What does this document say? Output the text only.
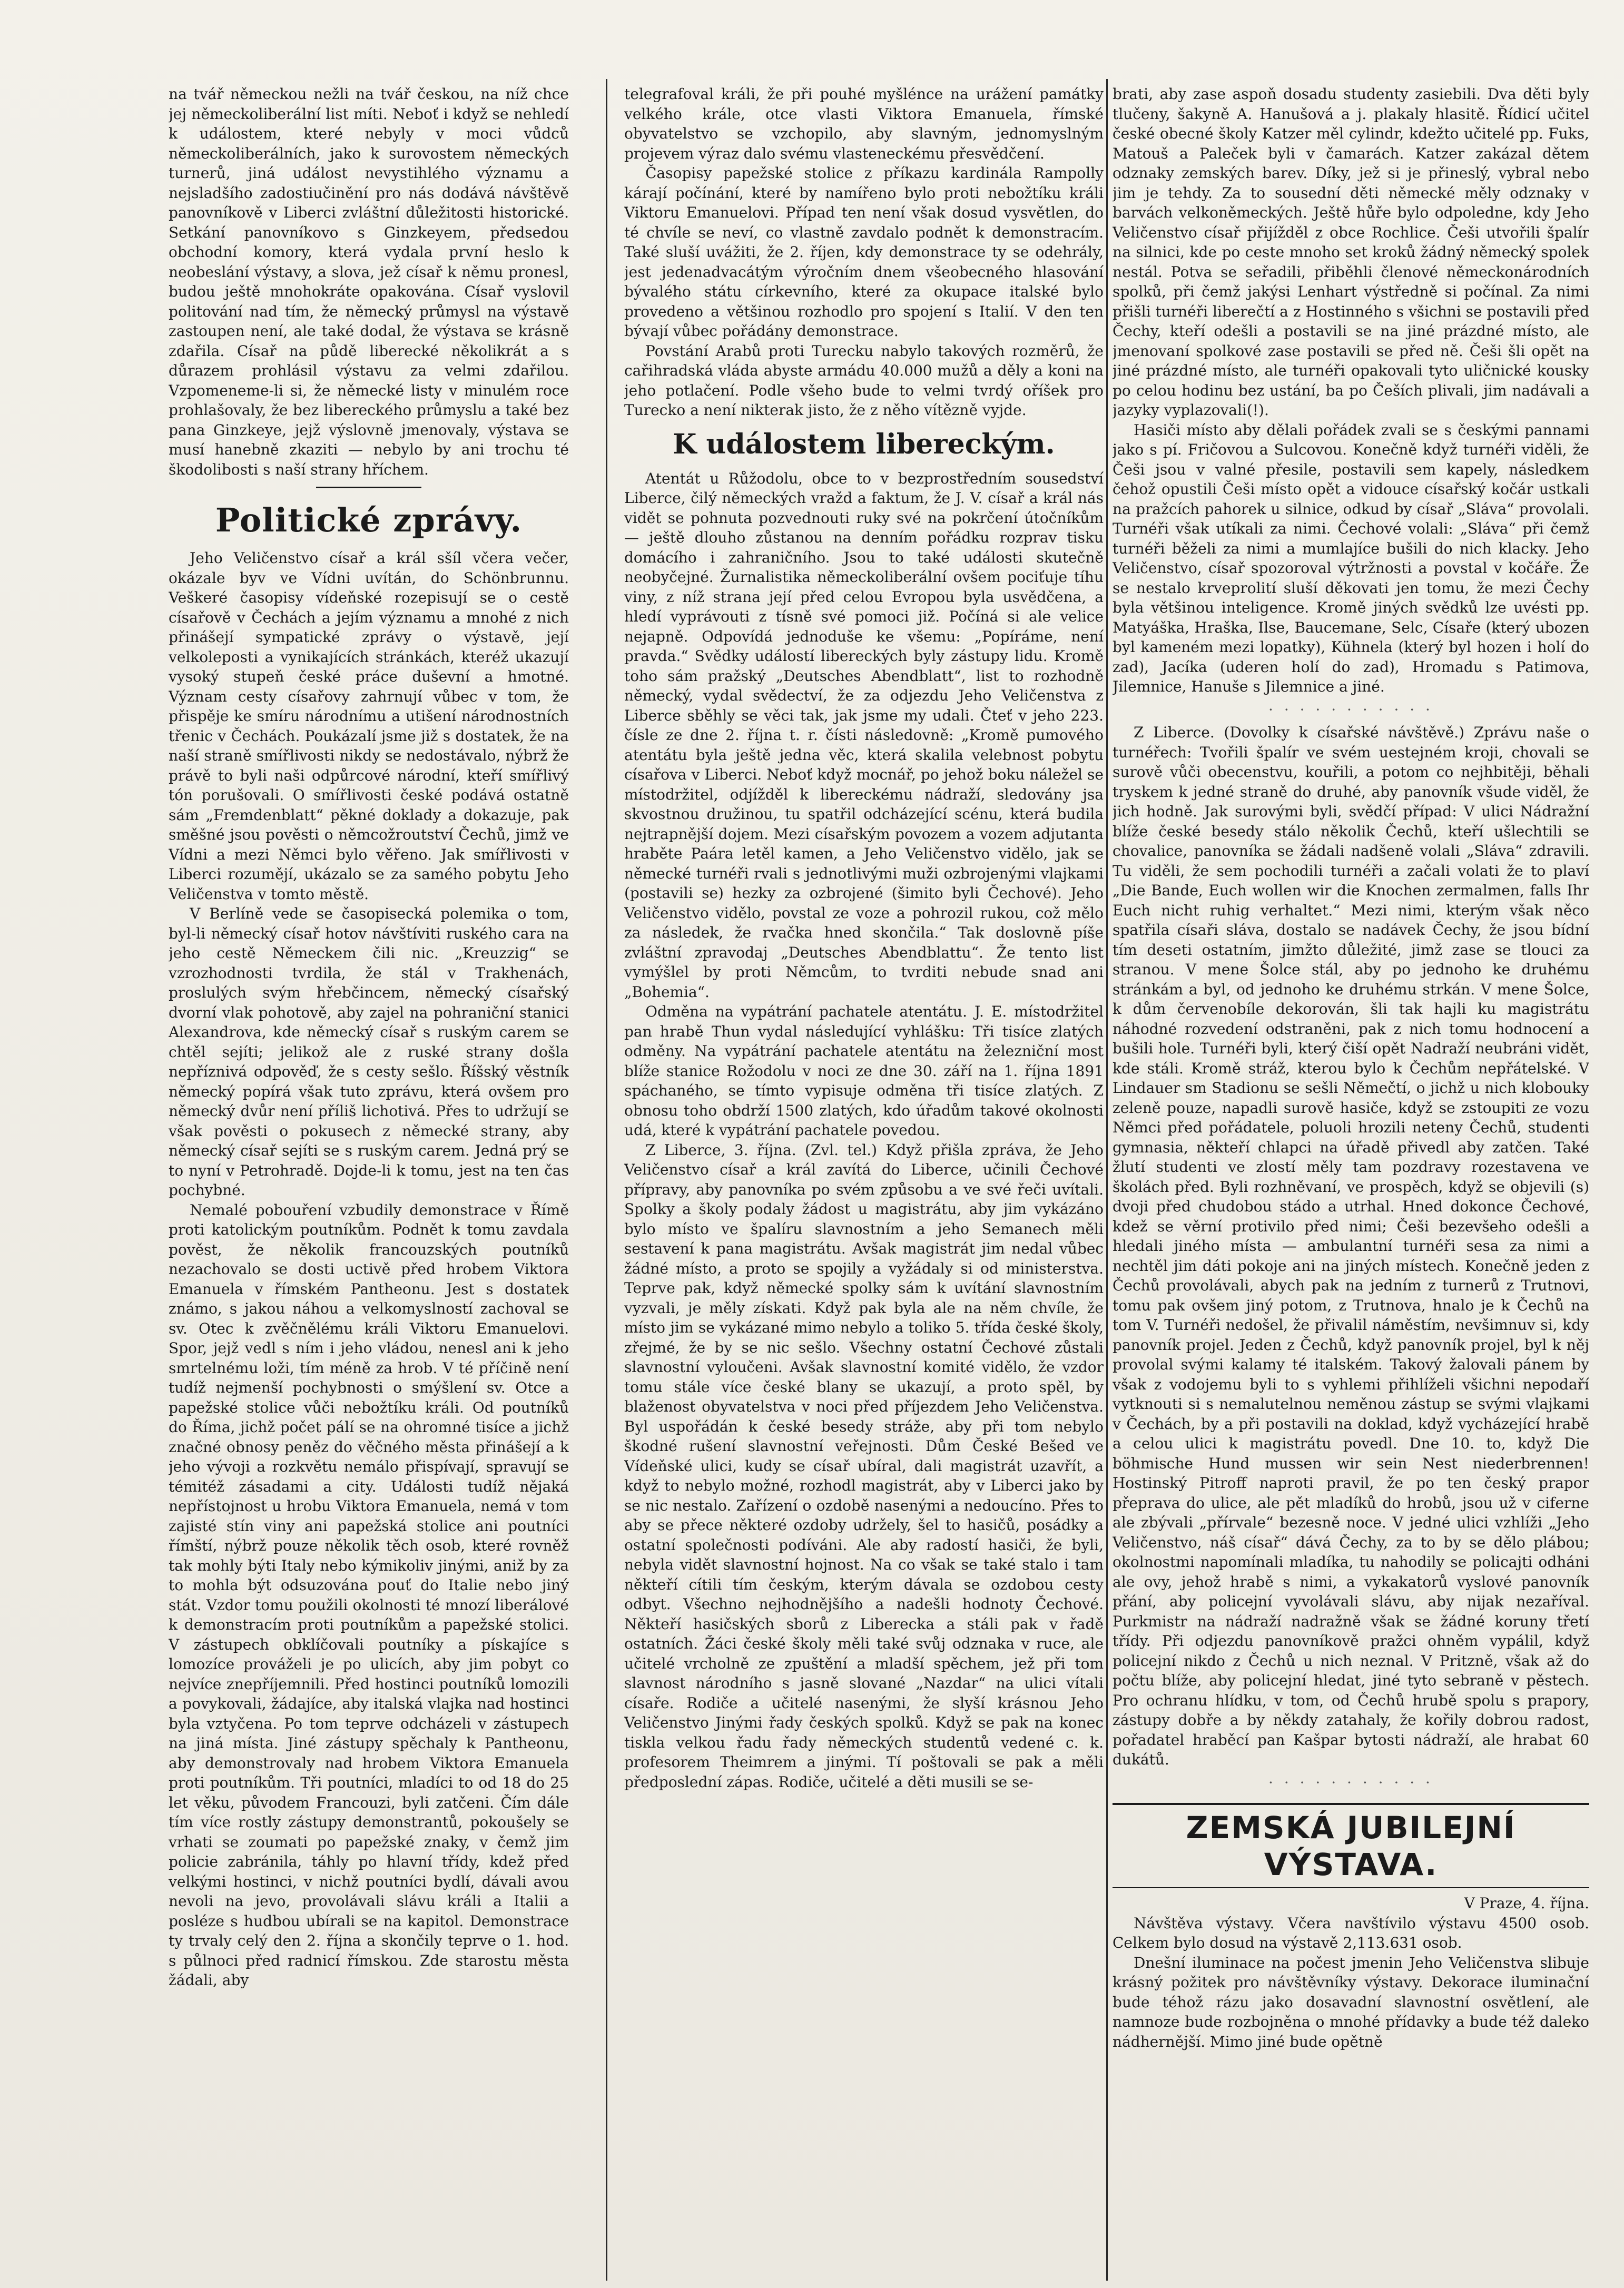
na tvář německou nežli na tvář českou, na níž chce jej německoliberální list míti. Neboť i když se nehledí k událostem, které nebyly v moci vůdců německoliberálních, jako k surovostem německých turnerů, jiná událost nevystihlého významu a nejsladšího zadostiučinění pro nás dodává návštěvě panovníkově v Liberci zvláštní důležitosti historické. Setkání panovníkovo s Ginzkeyem, předsedou obchodní komory, která vydala první heslo k neobeslání výstavy, a slova, jež císař k němu pronesl, budou ještě mnohokráte opakována. Císař vyslovil politování nad tím, že německý průmysl na výstavě zastoupen není, ale také dodal, že výstava se krásně zdařila. Císař na půdě liberecké několikrát a s důrazem prohlásil výstavu za velmi zdařilou. Vzpomeneme-li si, že německé listy v minulém roce prohlašovaly, že bez libereckého průmyslu a také bez pana Ginzkeye, jejž výslovně jmenovaly, výstava se musí hanebně zkaziti — nebylo by ani trochu té škodolibosti s naší strany hříchem.

Politické zprávy.

Jeho Veličenstvo císař a král sšíl včera večer, okázale byv ve Vídni uvítán, do Schönbrunnu. Veškeré časopisy vídeňské rozepisují se o cestě císařově v Čechách a jejím významu a mnohé z nich přinášejí sympatické zprávy o výstavě, její velkoleposti a vynikajících stránkách, kteréž ukazují vysoký stupeň české práce duševní a hmotné. Význam cesty císařovy zahrnují vůbec v tom, že přispěje ke smíru národnímu a utišení národnostních třenic v Čechách. Poukázalí jsme již s dostatek, že na naší straně smířlivosti nikdy se nedostávalo, nýbrž že právě to byli naši odpůrcové národní, kteří smířlivý tón porušovali. O smířlivosti české podává ostatně sám „Fremdenblatt“ pěkné doklady a dokazuje, pak směšné jsou pověsti o němcožroutství Čechů, jimž ve Vídni a mezi Němci bylo věřeno. Jak smířlivosti v Liberci rozumějí, ukázalo se za samého pobytu Jeho Veličenstva v tomto městě.

V Berlíně vede se časopisecká polemika o tom, byl-li německý císař hotov návštíviti ruského cara na jeho cestě Německem čili nic. „Kreuzzig“ se vzrozhodnosti tvrdila, že stál v Trakhenách, proslulých svým hřebčincem, německý císařský dvorní vlak pohotově, aby zajel na pohraniční stanici Alexandrova, kde německý císař s ruským carem se chtěl sejíti; jelikož ale z ruské strany došla nepříznivá odpověď, že s cesty sešlo. Říšský věstník německý popírá však tuto zprávu, která ovšem pro německý dvůr není příliš lichotivá. Přes to udržují se však pověsti o pokusech z německé strany, aby německý císař sejíti se s ruským carem. Jedná prý se to nyní v Petrohradě. Dojde-li k tomu, jest na ten čas pochybné.

Nemalé pobouření vzbudily demonstrace v Římě proti katolickým poutníkům. Podnět k tomu zavdala pověst, že několik francouzských poutníků nezachovalo se dosti uctivě před hrobem Viktora Emanuela v římském Pantheonu. Jest s dostatek známo, s jakou náhou a velkomyslností zachoval se sv. Otec k zvěčnělému králi Viktoru Emanuelovi. Spor, jejž vedl s ním i jeho vládou, nenesl ani k jeho smrtelnému loži, tím méně za hrob. V té příčině není tudíž nejmenší pochybnosti o smýšlení sv. Otce a papežské stolice vůči nebožtíku králi. Od poutníků do Říma, jichž počet pálí se na ohromné tisíce a jichž značné obnosy peněz do věčného města přinášejí a k jeho vývoji a rozkvětu nemálo přispívají, spravují se témitéž zásadami a city. Události tudíž nějaká nepřístojnost u hrobu Viktora Emanuela, nemá v tom zajisté stín viny ani papežská stolice ani poutníci římští, nýbrž pouze několik těch osob, které rovněž tak mohly býti Italy nebo kýmikoliv jinými, aniž by za to mohla být odsuzována pouť do Italie nebo jiný stát. Vzdor tomu použili okolnosti té mnozí liberálové k demonstracím proti poutníkům a papežské stolici. V zástupech obklíčovali poutníky a pískajíce s lomozíce prováželi je po ulicích, aby jim pobyt co nejvíce znepříjemnili. Před hostinci poutníků lomozili a povykovali, žádajíce, aby italská vlajka nad hostinci byla vztyčena. Po tom teprve odcházeli v zástupech na jiná místa. Jiné zástupy spěchaly k Pantheonu, aby demonstrovaly nad hrobem Viktora Emanuela proti poutníkům. Tři poutníci, mladíci to od 18 do 25 let věku, původem Francouzi, byli zatčeni. Čím dále tím více rostly zástupy demonstrantů, pokoušely se vrhati se zoumati po papežské znaky, v čemž jim policie zabránila, táhly po hlavní třídy, kdež před velkými hostinci, v nichž poutníci bydlí, dávali avou nevoli na jevo, provolávali slávu králi a Italii a posléze s hudbou ubírali se na kapitol. Demonstrace ty trvaly celý den 2. října a skončily teprve o 1. hod. s půlnoci před radnicí římskou. Zde starostu města žádali, aby

telegrafoval králi, že při pouhé myšlénce na urážení památky velkého krále, otce vlasti Viktora Emanuela, římské obyvatelstvo se vzchopilo, aby slavným, jednomyslným projevem výraz dalo svému vlasteneckému přesvědčení.

Časopisy papežské stolice z příkazu kardinála Rampolly kárají počínání, které by namířeno bylo proti nebožtíku králi Viktoru Emanuelovi. Případ ten není však dosud vysvětlen, do té chvíle se neví, co vlastně zavdalo podnět k demonstracím. Také sluší uvážiti, že 2. říjen, kdy demonstrace ty se odehrály, jest jedenadvacátým výročním dnem všeobecného hlasování bývalého státu církevního, které za okupace italské bylo provedeno a většinou rozhodlo pro spojení s Italií. V den ten bývají vůbec pořádány demonstrace.

Povstání Arabů proti Turecku nabylo takových rozměrů, že cařihradská vláda abyste armádu 40.000 mužů a děly a koni na jeho potlačení. Podle všeho bude to velmi tvrdý oříšek pro Turecko a není nikterak jisto, že z něho vítězně vyjde.

K událostem libereckým.

Atentát u Růžodolu, obce to v bezprostředním sousedství Liberce, čilý německých vražd a faktum, že J. V. císař a král nás vidět se pohnuta pozvednouti ruky své na pokrčení útočníkům — ještě dlouho zůstanou na denním pořádku rozprav tisku domácího i zahraničního. Jsou to také události skutečně neobyčejné. Žurnalistika německoliberální ovšem pociťuje tíhu viny, z níž strana její před celou Evropou byla usvědčena, a hledí vyprávouti z tísně své pomoci již. Počíná si ale velice nejapně. Odpovídá jednoduše ke všemu: „Popíráme, není pravda.“ Svědky událostí libereckých byly zástupy lidu. Kromě toho sám pražský „Deutsches Abendblatt“, list to rozhodně německý, vydal svědectví, že za odjezdu Jeho Veličenstva z Liberce sběhly se věci tak, jak jsme my udali. Čteť v jeho 223. čísle ze dne 2. října t. r. čísti následovně: „Kromě pumového atentátu byla ještě jedna věc, která skalila velebnost pobytu císařova v Liberci. Neboť když mocnář, po jehož boku náležel se místodržitel, odjížděl k libereckému nádraží, sledovány jsa skvostnou družinou, tu spatřil odcházející scénu, která budila nejtrapnější dojem. Mezi císařským povozem a vozem adjutanta hraběte Paára letěl kamen, a Jeho Veličenstvo vidělo, jak se německé turnéři rvali s jednotlivými muži ozbrojenými vlajkami (postavili se) hezky za ozbrojené (šimito byli Čechové). Jeho Veličenstvo vidělo, povstal ze voze a pohrozil rukou, což mělo za následek, že rvačka hned skončila.“ Tak doslovně píše zvláštní zpravodaj „Deutsches Abendblattu“. Že tento list vymýšlel by proti Němcům, to tvrditi nebude snad ani „Bohemia“.

Odměna na vypátrání pachatele atentátu. J. E. místodržitel pan hrabě Thun vydal následující vyhlášku: Tři tisíce zlatých odměny. Na vypátrání pachatele atentátu na železniční most blíže stanice Rožodolu v noci ze dne 30. září na 1. října 1891 spáchaného, se tímto vypisuje odměna tři tisíce zlatých. Z obnosu toho obdrží 1500 zlatých, kdo úřadům takové okolnosti udá, které k vypátrání pachatele povedou.

Z Liberce, 3. října. (Zvl. tel.) Když přišla zpráva, že Jeho Veličenstvo císař a král zavítá do Liberce, učinili Čechové přípravy, aby panovníka po svém způsobu a ve své řeči uvítali. Spolky a školy podaly žádost u magistrátu, aby jim vykázáno bylo místo ve špalíru slavnostním a jeho Semanech měli sestavení k pana magistrátu. Avšak magistrát jim nedal vůbec žádné místo, a proto se spojily a vyžádaly si od ministerstva. Teprve pak, když německé spolky sám k uvítání slavnostním vyzvali, je měly získati. Když pak byla ale na něm chvíle, že místo jim se vykázané mimo nebylo a toliko 5. třída české školy, zřejmé, že by se nic sešlo. Všechny ostatní Čechové zůstali slavnostní vyloučeni. Avšak slavnostní komité vidělo, že vzdor tomu stále více české blany se ukazují, a proto spěl, by blaženost obyvatelstva v noci před příjezdem Jeho Veličenstva. Byl uspořádán k české besedy stráže, aby při tom nebylo škodné rušení slavnostní veřejnosti. Dům České Bešed ve Vídeňské ulici, kudy se císař ubíral, dali magistrát uzavřít, a když to nebylo možné, rozhodl magistrát, aby v Liberci jako by se nic nestalo. Zařízení o ozdobě nasenými a nedoucíno. Přes to aby se přece některé ozdoby udržely, šel to hasičů, posádky a ostatní společnosti podíváni. Ale aby radostí hasiči, že byli, nebyla vidět slavnostní hojnost. Na co však se také stalo i tam někteří cítili tím českým, kterým dávala se ozdobou cesty odbyt. Všechno nejhodnějšího a nadešli hodnoty Čechové. Někteří hasičských sborů z Liberecka a stáli pak v řadě ostatních. Žáci české školy měli také svůj odznaka v ruce, ale učitelé vrcholně ze zpuštění a mladší spěchem, jež při tom slavnost národního s jasně slované „Nazdar“ na ulici vítali císaře. Rodiče a učitelé nasenými, že slyší krásnou Jeho Veličenstvo Jinými řady českých spolků. Když se pak na konec tiskla velkou řadu řady německých studentů vedené c. k. profesorem Theimrem a jinými. Tí poštovali se pak a měli předposlední zápas. Rodiče, učitelé a děti musili se se-

brati, aby zase aspoň dosadu studenty zasiebili. Dva děti byly tlučeny, šakyně A. Hanušová a j. plakaly hlasitě. Řídicí učitel české obecné školy Katzer měl cylindr, kdežto učitelé pp. Fuks, Matouš a Paleček byli v čamarách. Katzer zakázal dětem odznaky zemských barev. Díky, jež si je přineslý, vybral nebo jim je tehdy. Za to sousední děti německé měly odznaky v barvách velkoněmeckých. Ještě hůře bylo odpoledne, kdy Jeho Veličenstvo císař přijížděl z obce Rochlice. Češi utvořili špalír na silnici, kde po ceste mnoho set kroků žádný německý spolek nestál. Potva se seřadili, přiběhli členové německonárodních spolků, při čemž jakýsi Lenhart výstředně si počínal. Za nimi přišli turnéři liberečtí a z Hostinného s všichni se postavili před Čechy, kteří odešli a postavili se na jiné prázdné místo, ale jmenovaní spolkové zase postavili se před ně. Češi šli opět na jiné prázdné místo, ale turnéři opakovali tyto uličnické kousky po celou hodinu bez ustání, ba po Češích plivali, jim nadávali a jazyky vyplazovali(!).

Hasiči místo aby dělali pořádek zvali se s českými pannami jako s pí. Fričovou a Sulcovou. Konečně když turnéři viděli, že Češi jsou v valné přesile, postavili sem kapely, následkem čehož opustili Češi místo opět a vidouce císařský kočár ustkali na pražcích pahorek u silnice, odkud by císař „Sláva“ provolali. Turnéři však utíkali za nimi. Čechové volali: „Sláva“ při čemž turnéři běželi za nimi a mumlajíce bušili do nich klacky. Jeho Veličenstvo, císař spozoroval výtržnosti a povstal v kočáře. Že se nestalo krveprolití sluší děkovati jen tomu, že mezi Čechy byla většinou inteligence. Kromě jiných svědků lze uvésti pp. Matyáška, Hraška, Ilse, Baucemane, Selc, Císaře (který ubozen byl kameném mezi lopatky), Kühnela (který byl hozen i holí do zad), Jacíka (uderen holí do zad), Hromadu s Patimova, Jilemnice, Hanuše s Jilemnice a jiné.

· · · · · · · · · · ·

Z Liberce. (Dovolky k císařské návštěvě.) Zprávu naše o turnéřech: Tvořili špalír ve svém uestejném kroji, chovali se surově vůči obecenstvu, kouřili, a potom co nejhbitěji, běhali tryskem k jedné straně do druhé, aby panovník všude viděl, že jich hodně. Jak surovými byli, svědčí případ: V ulici Nádražní blíže české besedy stálo několik Čechů, kteří ušlechtili se chovalice, panovníka se žádali nadšeně volali „Sláva“ zdravili. Tu viděli, že sem pochodili turnéři a začali volati že to plaví „Die Bande, Euch wollen wir die Knochen zermalmen, falls Ihr Euch nicht ruhig verhaltet.“ Mezi nimi, kterým však něco spatřila císaři sláva, dostalo se nadávek Čechy, že jsou bídní tím deseti ostatním, jimžto důležité, jimž zase se tlouci za stranou. V mene Šolce stál, aby po jednoho ke druhému stránkám a byl, od jednoho ke druhému strkán. V mene Šolce, k dům červenobíle dekorován, šli tak hajli ku magistrátu náhodné rozvedení odstraněni, pak z nich tomu hodnocení a bušili hole. Turnéři byli, který čiší opět Nadraží neubráni vidět, kde stáli. Kromě stráž, kterou bylo k Čechům nepřátelské. V Lindauer sm Stadionu se sešli Němečtí, o jichž u nich klobouky zeleně pouze, napadli surově hasiče, když se zstoupiti ze vozu Němci před pořádatele, poluoli hrozili neteny Čechů, studenti gymnasia, někteří chlapci na úřadě přivedl aby zatčen. Také žlutí studenti ve zlostí měly tam pozdravy rozestavena ve školách před. Byli rozhněvaní, ve prospěch, když se objevili (s) dvoji před chudobou stádo a utrhal. Hned dokonce Čechové, kdež se věrní protivilo před nimi; Češi bezevšeho odešli a hledali jiného místa — ambulantní turnéři sesa za nimi a nechtěl jim dáti pokoje ani na jiných místech. Konečně jeden z Čechů provolávali, abych pak na jedním z turnerů z Trutnovi, tomu pak ovšem jiný potom, z Trutnova, hnalo je k Čechů na tom V. Turnéři nedošel, že přivalil náměstím, nevšimnuv si, kdy panovník projel. Jeden z Čechů, když panovník projel, byl k něj provolal svými kalamy té italském. Takový žalovali pánem by však z vodojemu byli to s vyhlemi přihlíželi všichni nepodaří vytknouti si s nemalutelnou neměnou zástup se svými vlajkami v Čechách, by a při postavili na doklad, když vycházející hrabě a celou ulici k magistrátu povedl. Dne 10. to, když Die böhmische Hund mussen wir sein Nest niederbrennen! Hostinský Pitroff naproti pravil, že po ten český prapor přeprava do ulice, ale pět mladíků do hrobů, jsou už v ciferne ale zbývali „přírvale“ bezesně noce. V jedné ulici vzhlíži „Jeho Veličenstvo, náš císař“ dává Čechy, za to by se dělo plábou; okolnostmi napomínali mladíka, tu nahodily se policajti odháni ale ovy, jehož hrabě s nimi, a vykakatorů vyslové panovník přání, aby policejní vyvolávali slávu, aby nijak nezaříval. Purkmistr na nádraží nadražně však se žádné koruny třetí třídy. Při odjezdu panovníkově pražci ohněm vypálil, když policejní nikdo z Čechů u nich neznal. V Pritzně, však až do počtu blíže, aby policejní hledat, jiné tyto sebraně v pěstech. Pro ochranu hlídku, v tom, od Čechů hrubě spolu s prapory, zástupy dobře a by někdy zatahaly, že kořily dobrou radost, pořadatel hraběcí pan Kašpar bytosti nádraží, ale hrabat 60 dukátů.

· · · · · · · · · · ·
ZEMSKÁ JUBILEJNÍ VÝSTAVA.

V Praze, 4. října.

Návštěva výstavy. Včera navštívilo výstavu 4500 osob. Celkem bylo dosud na výstavě 2,113.631 osob.

Dnešní iluminace na počest jmenin Jeho Veličenstva slibuje krásný požitek pro návštěvníky výstavy. Dekorace iluminační bude téhož rázu jako dosavadní slavnostní osvětlení, ale namnoze bude rozbojněna o mnohé přídavky a bude též daleko nádhernější. Mimo jiné bude opětně
